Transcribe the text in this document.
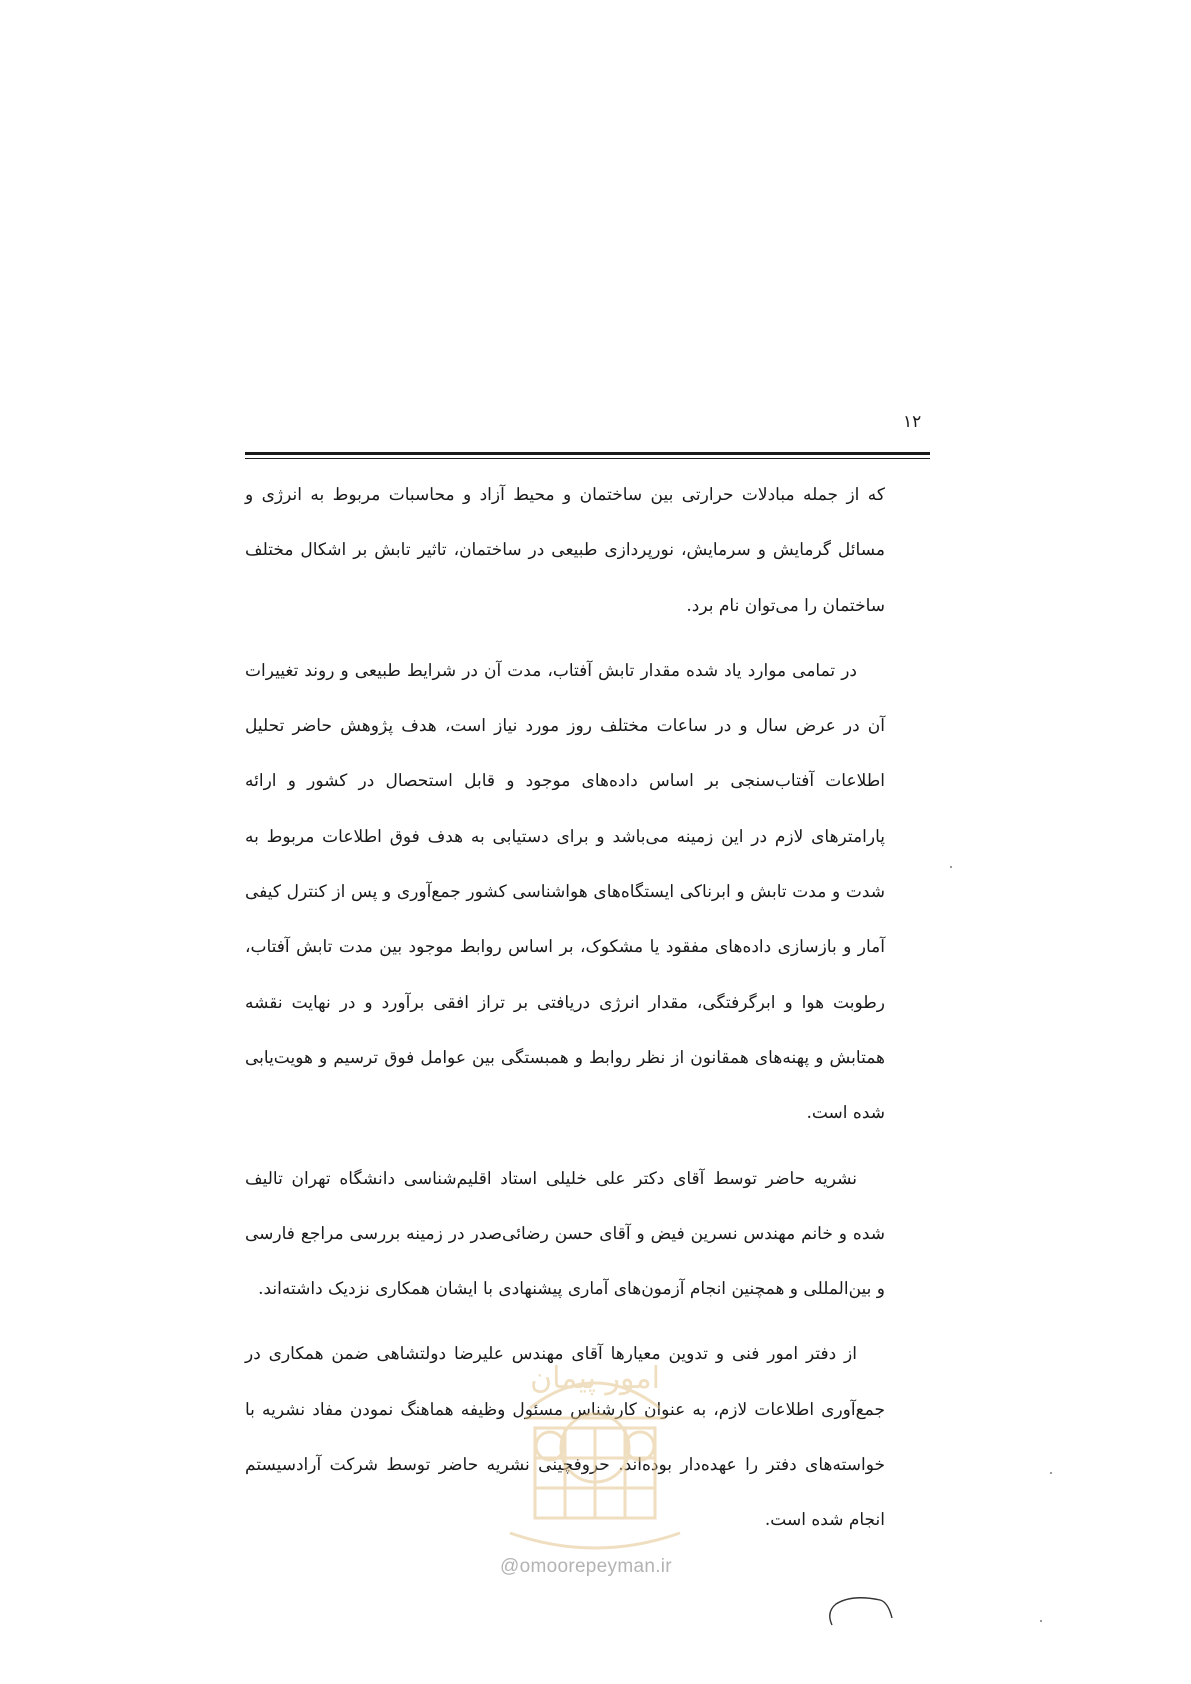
۱۲

که از جمله مبادلات حرارتی بین ساختمان و محیط آزاد و محاسبات مربوط به انرژی و مسائل گرمایش و سرمایش، نورپردازی طبیعی در ساختمان، تاثیر تابش بر اشکال مختلف ساختمان را می‌توان نام برد.

در تمامی موارد یاد شده مقدار تابش آفتاب، مدت آن در شرایط طبیعی و روند تغییرات آن در عرض سال و در ساعات مختلف روز مورد نیاز است، هدف پژوهش حاضر تحلیل اطلاعات آفتاب‌سنجی بر اساس داده‌های موجود و قابل استحصال در کشور و ارائه پارامترهای لازم در این زمینه می‌باشد و برای دستیابی به هدف فوق اطلاعات مربوط به شدت و مدت تابش و ابرناکی ایستگاه‌های هواشناسی کشور جمع‌آوری و پس از کنترل کیفی آمار و بازسازی داده‌های مفقود یا مشکوک، بر اساس روابط موجود بین مدت تابش آفتاب، رطوبت هوا و ابرگرفتگی، مقدار انرژی دریافتی بر تراز افقی برآورد و در نهایت نقشه همتابش و پهنه‌های همقانون از نظر روابط و همبستگی بین عوامل فوق ترسیم و هویت‌یابی شده است.

نشریه حاضر توسط آقای دکتر علی خلیلی استاد اقلیم‌شناسی دانشگاه تهران تالیف شده و خانم مهندس نسرین فیض و آقای حسن رضائی‌صدر در زمینه بررسی مراجع فارسی و بین‌المللی و همچنین انجام آزمون‌های آماری پیشنهادی با ایشان همکاری نزدیک داشته‌اند.

از دفتر امور فنی و تدوین معیارها آقای مهندس علیرضا دولتشاهی ضمن همکاری در جمع‌آوری اطلاعات لازم، به عنوان کارشناس مسئول وظیفه هماهنگ نمودن مفاد نشریه با خواسته‌های دفتر را عهده‌دار بوده‌اند. حروفچینی نشریه حاضر توسط شرکت آرادسیستم انجام شده است.

امور پیمان
@omoorepeyman.ir
